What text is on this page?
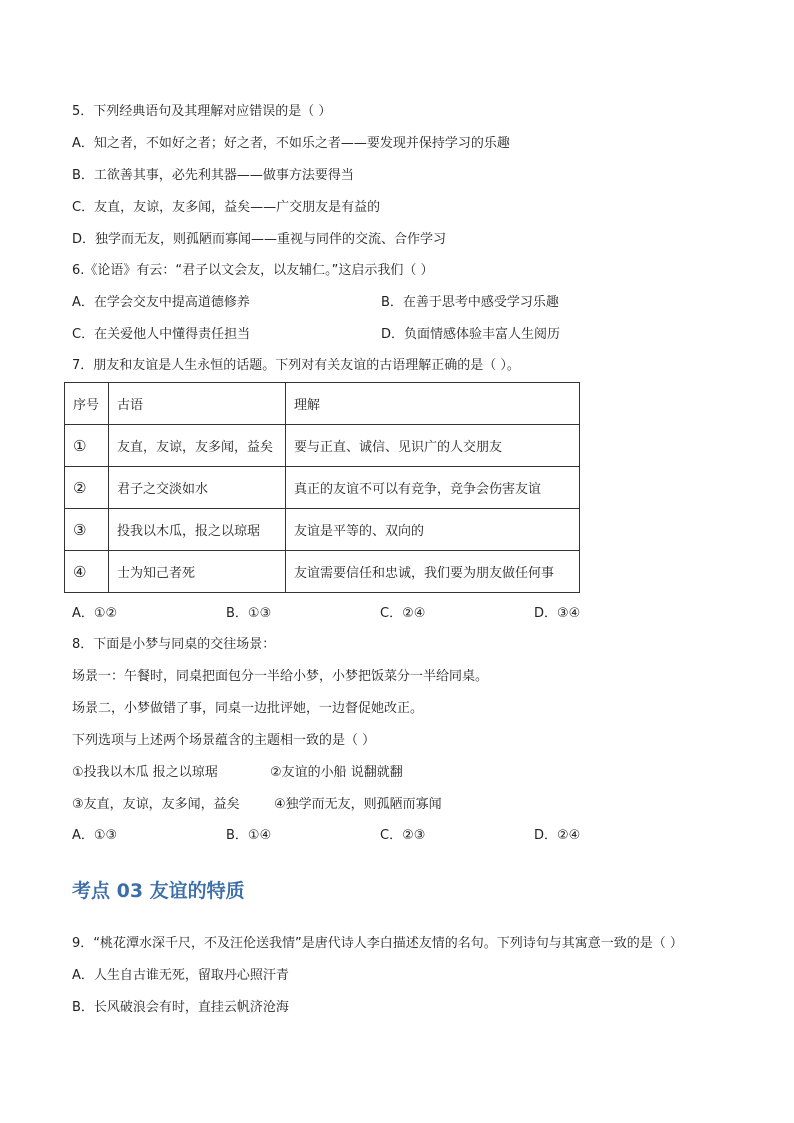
5．下列经典语句及其理解对应错误的是（ ）
A．知之者，不如好之者；好之者，不如乐之者——要发现并保持学习的乐趣
B．工欲善其事，必先利其器——做事方法要得当
C．友直，友谅，友多闻，益矣——广交朋友是有益的
D．独学而无友，则孤陋而寡闻——重视与同伴的交流、合作学习
6.《论语》有云：“君子以文会友，以友辅仁。”这启示我们（ ）
A．在学会交友中提高道德修养	B．在善于思考中感受学习乐趣
C．在关爱他人中懂得责任担当	D．负面情感体验丰富人生阅历
7．朋友和友谊是人生永恒的话题。下列对有关友谊的古语理解正确的是（ ）。
序号	古语	理解
①	友直，友谅，友多闻，益矣	要与正直、诚信、见识广的人交朋友
②	君子之交淡如水	真正的友谊不可以有竞争，竞争会伤害友谊
③	投我以木瓜，报之以琼琚	友谊是平等的、双向的
④	士为知己者死	友谊需要信任和忠诚，我们要为朋友做任何事
A．①②	B．①③	C．②④	D．③④
8．下面是小梦与同桌的交往场景：
场景一：午餐时，同桌把面包分一半给小梦，小梦把饭菜分一半给同桌。
场景二，小梦做错了事，同桌一边批评她，一边督促她改正。
下列选项与上述两个场景蕴含的主题相一致的是（ ）
①投我以木瓜 报之以琼琚	②友谊的小船 说翻就翻
③友直，友谅，友多闻，益矣	④独学而无友，则孤陋而寡闻
A．①③	B．①④	C．②③	D．②④
考点 03 友谊的特质
9．“桃花潭水深千尺，不及汪伦送我情”是唐代诗人李白描述友情的名句。下列诗句与其寓意一致的是（ ）
A．人生自古谁无死，留取丹心照汗青
B．长风破浪会有时，直挂云帆济沧海
